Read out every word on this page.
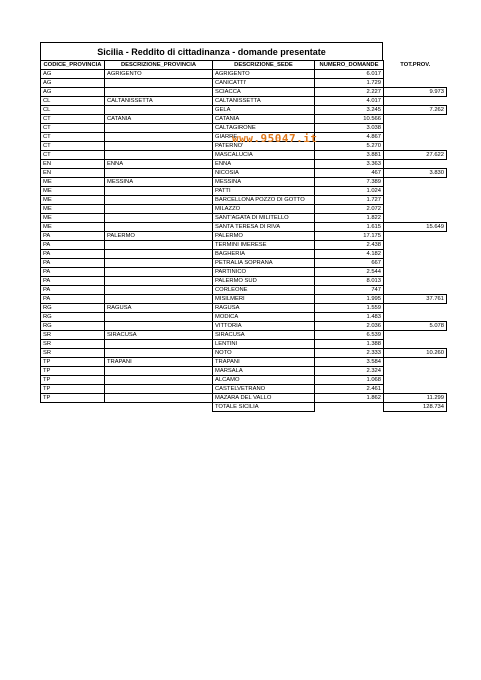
Sicilia - Reddito di cittadinanza - domande presentate
CODICE_PROVINCIA	DESCRIZIONE_PROVINCIA	DESCRIZIONE_SEDE	NUMERO_DOMANDE	TOT.PROV.
AG	AGRIGENTO	AGRIGENTO	6.017	
AG		CANICATTI'	1.729	
AG		SCIACCA	2.227	9.973
CL	CALTANISSETTA	CALTANISSETTA	4.017	
CL		GELA	3.245	7.262
CT	CATANIA	CATANIA	10.566	
CT		CALTAGIRONE	3.038	
CT		GIARRE	4.867	
CT		PATERNO'	5.270	
CT		MASCALUCIA	3.881	27.622
EN	ENNA	ENNA	3.363	
EN		NICOSIA	467	3.830
ME	MESSINA	MESSINA	7.389	
ME		PATTI	1.024	
ME		BARCELLONA POZZO DI GOTTO	1.727	
ME		MILAZZO	2.072	
ME		SANT'AGATA DI MILITELLO	1.822	
ME		SANTA TERESA DI RIVA	1.615	15.649
PA	PALERMO	PALERMO	17.175	
PA		TERMINI IMERESE	2.438	
PA		BAGHERIA	4.182	
PA		PETRALIA SOPRANA	667	
PA		PARTINICO	2.544	
PA		PALERMO SUD	8.013	
PA		CORLEONE	747	
PA		MISILMERI	1.995	37.761
RG	RAGUSA	RAGUSA	1.559	
RG		MODICA	1.483	
RG		VITTORIA	2.036	5.078
SR	SIRACUSA	SIRACUSA	6.539	
SR		LENTINI	1.388	
SR		NOTO	2.333	10.260
TP	TRAPANI	TRAPANI	3.584	
TP		MARSALA	2.324	
TP		ALCAMO	1.068	
TP		CASTELVETRANO	2.461	
TP		MAZARA DEL VALLO	1.862	11.299
		TOTALE SICILIA		128.734
www.95047.it
